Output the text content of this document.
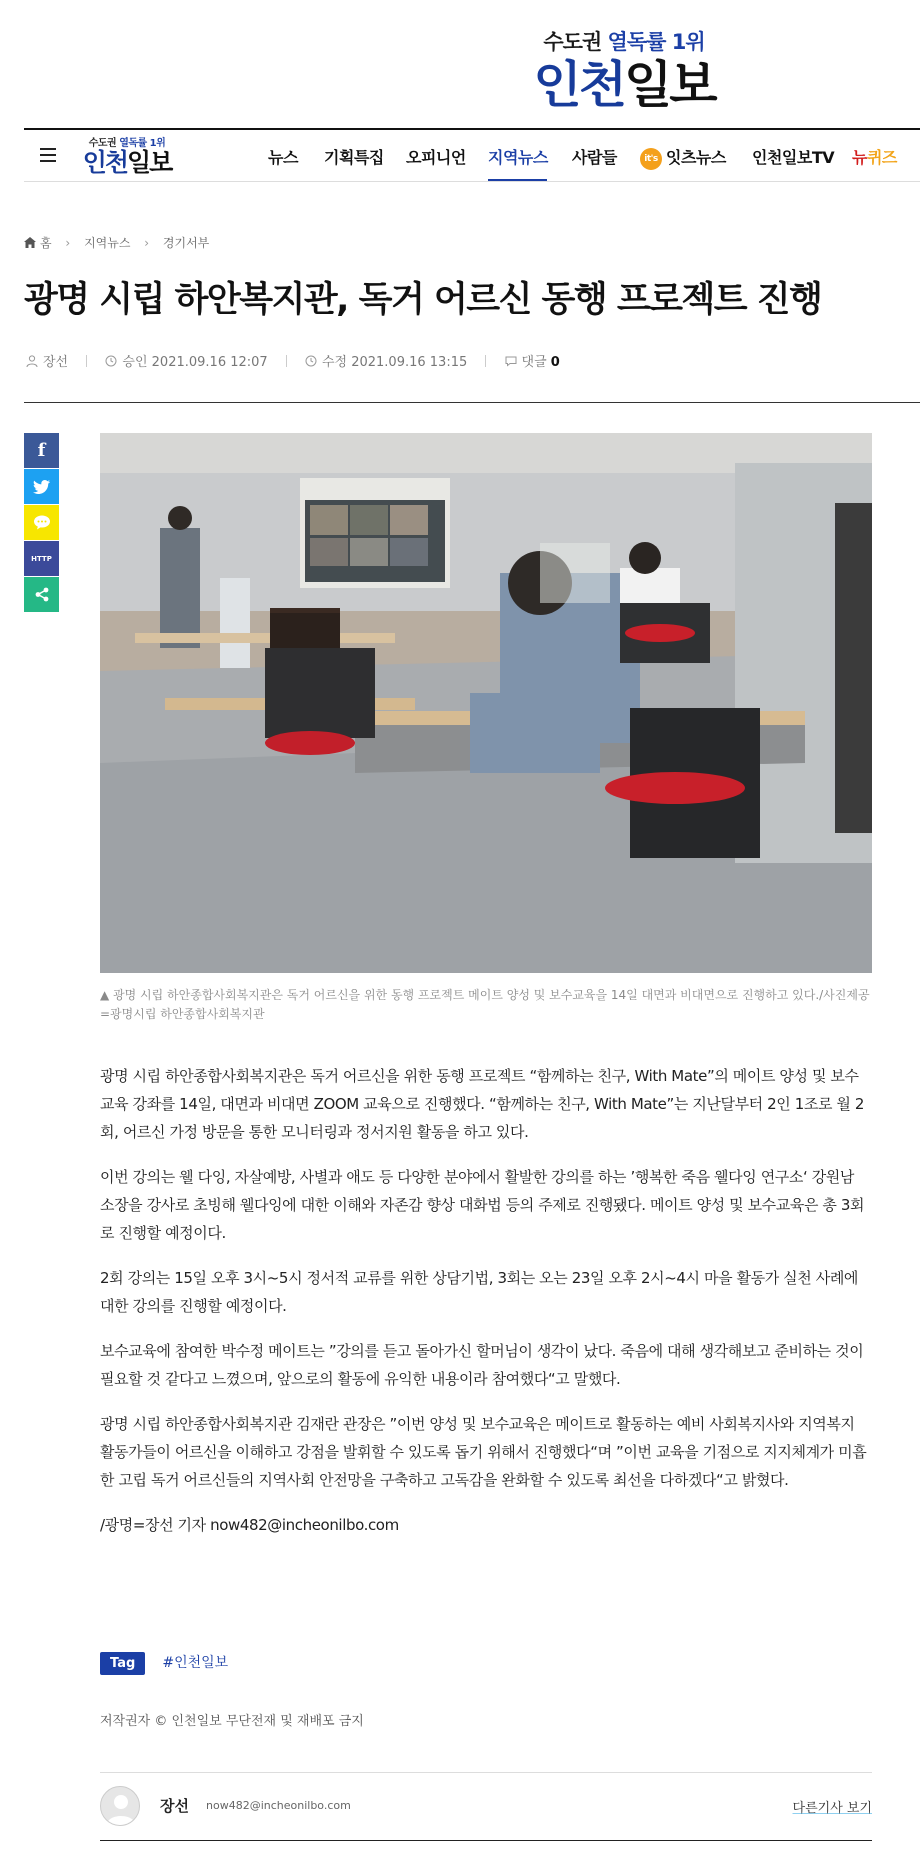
수도권 열독률 1위
인천일보
수도권 열독률 1위
인천일보	뉴스 기획특집 오피니언 지역뉴스 사람들	it's 잇츠뉴스 인천일보TV 뉴퀴즈
홈 › 지역뉴스 › 경기서부
광명 시립 하안복지관, 독거 어르신 동행 프로젝트 진행
장선	승인 2021.09.16 12:07	수정 2021.09.16 13:15	댓글 0
f
HTTP
▲ 광명 시립 하안종합사회복지관은 독거 어르신을 위한 동행 프로젝트 메이트 양성 및 보수교육을 14일 대면과 비대면으로 진행하고 있다./사진제공=광명시립 하안종합사회복지관

광명 시립 하안종합사회복지관은 독거 어르신을 위한 동행 프로젝트 “함께하는 친구, With Mate”의 메이트 양성 및 보수교육 강좌를 14일, 대면과 비대면 ZOOM 교육으로 진행했다. “함께하는 친구, With Mate”는 지난달부터 2인 1조로 월 2회, 어르신 가정 방문을 통한 모니터링과 정서지원 활동을 하고 있다.

이번 강의는 웰 다잉, 자살예방, 사별과 애도 등 다양한 분야에서 활발한 강의를 하는 ’행복한 죽음 웰다잉 연구소‘ 강원남 소장을 강사로 초빙해 웰다잉에 대한 이해와 자존감 향상 대화법 등의 주제로 진행됐다. 메이트 양성 및 보수교육은 총 3회로 진행할 예정이다.

2회 강의는 15일 오후 3시~5시 정서적 교류를 위한 상담기법, 3회는 오는 23일 오후 2시~4시 마을 활동가 실천 사례에 대한 강의를 진행할 예정이다.

보수교육에 참여한 박수정 메이트는 ”강의를 듣고 돌아가신 할머님이 생각이 났다. 죽음에 대해 생각해보고 준비하는 것이 필요할 것 같다고 느꼈으며, 앞으로의 활동에 유익한 내용이라 참여했다“고 말했다.

광명 시립 하안종합사회복지관 김재란 관장은 ”이번 양성 및 보수교육은 메이트로 활동하는 예비 사회복지사와 지역복지 활동가들이 어르신을 이해하고 강점을 발휘할 수 있도록 돕기 위해서 진행했다“며 ”이번 교육을 기점으로 지지체계가 미흡한 고립 독거 어르신들의 지역사회 안전망을 구축하고 고독감을 완화할 수 있도록 최선을 다하겠다“고 밝혔다.

/광명=장선 기자 now482@incheonilbo.com

Tag #인천일보
저작권자 © 인천일보 무단전재 및 재배포 금지
장선 now482@incheonilbo.com	다른기사 보기
